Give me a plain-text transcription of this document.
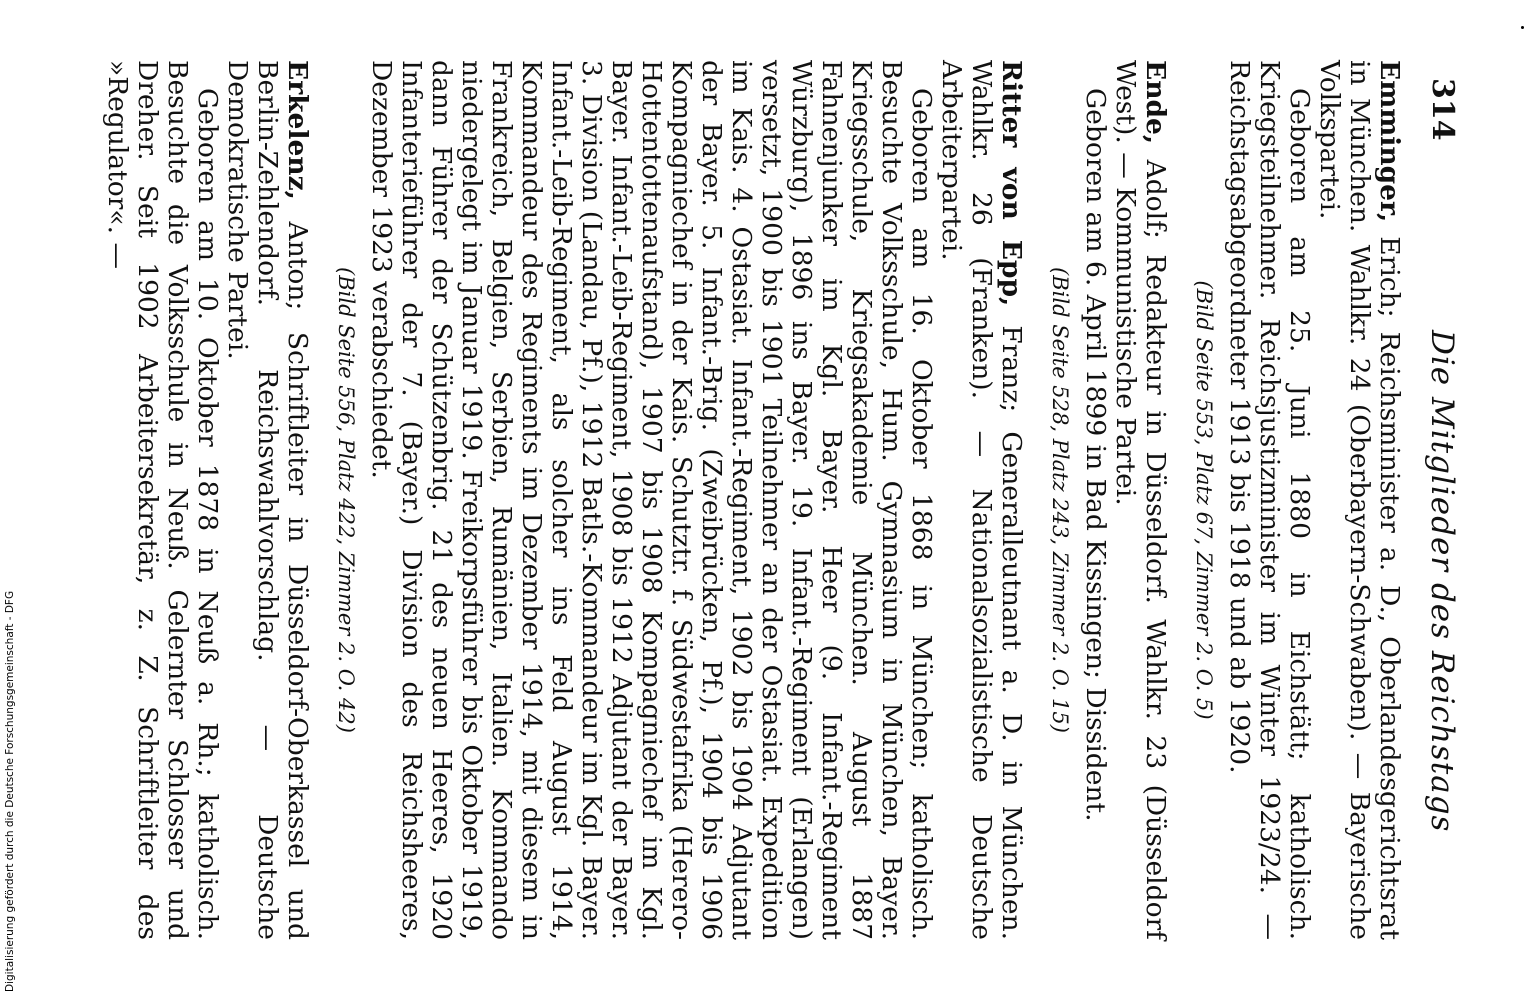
314
Die Mitglieder des Reichstags

Emminger, Erich; Reichsminister a. D., Oberlandesgerichtsrat in München. Wahlkr. 24 (Oberbayern-Schwaben). — Bayerische Volkspartei.

Geboren am 25. Juni 1880 in Eichstätt; katholisch. Kriegsteilnehmer. Reichsjustizminister im Winter 1923/24. — Reichstagsabgeordneter 1913 bis 1918 und ab 1920.

(Bild Seite 553, Platz 67, Zimmer 2. O. 5)

Ende, Adolf; Redakteur in Düsseldorf. Wahlkr. 23 (Düsseldorf West). — Kommunistische Partei.

Geboren am 6. April 1899 in Bad Kissingen; Dissident.

(Bild Seite 528, Platz 243, Zimmer 2. O. 15)

Ritter von Epp, Franz; Generalleutnant a. D. in München. Wahlkr. 26 (Franken). — Nationalsozialistische Deutsche Arbeiterpartei.

Geboren am 16. Oktober 1868 in München; katholisch. Besuchte Volksschule, Hum. Gymnasium in München, Bayer. Kriegsschule, Kriegsakademie München. August 1887 Fahnenjunker im Kgl. Bayer. Heer (9. Infant.-Regiment Würzburg), 1896 ins Bayer. 19. Infant.-Regiment (Erlangen) versetzt, 1900 bis 1901 Teilnehmer an der Ostasiat. Expedition im Kais. 4. Ostasiat. Infant.-Regiment, 1902 bis 1904 Adjutant der Bayer. 5. Infant.-Brig. (Zweibrücken, Pf.), 1904 bis 1906 Kompagniechef in der Kais. Schutztr. f. Südwestafrika (Herero-Hottentottenaufstand), 1907 bis 1908 Kompagniechef im Kgl. Bayer. Infant.-Leib-Regiment, 1908 bis 1912 Adjutant der Bayer. 3. Division (Landau, Pf.), 1912 Batls.-Kommandeur im Kgl. Bayer. Infant.-Leib-Regiment, als solcher ins Feld August 1914, Kommandeur des Regiments im Dezember 1914, mit diesem in Frankreich, Belgien, Serbien, Rumänien, Italien. Kommando niedergelegt im Januar 1919. Freikorpsführer bis Oktober 1919, dann Führer der Schützenbrig. 21 des neuen Heeres, 1920 Infanterieführer der 7. (Bayer.) Division des Reichsheeres, Dezember 1923 verabschiedet.

(Bild Seite 556, Platz 422, Zimmer 2. O. 42)

Erkelenz, Anton; Schriftleiter in Düsseldorf-Oberkassel und Berlin-Zehlendorf. Reichswahlvorschlag. — Deutsche Demokratische Partei.

Geboren am 10. Oktober 1878 in Neuß a. Rh.; katholisch. Besuchte die Volksschule in Neuß. Gelernter Schlosser und Dreher. Seit 1902 Arbeitersekretär, z. Z. Schriftleiter des »Regulator«. —

Digitalisierung gefördert durch die Deutsche Forschungsgemeinschaft - DFG
